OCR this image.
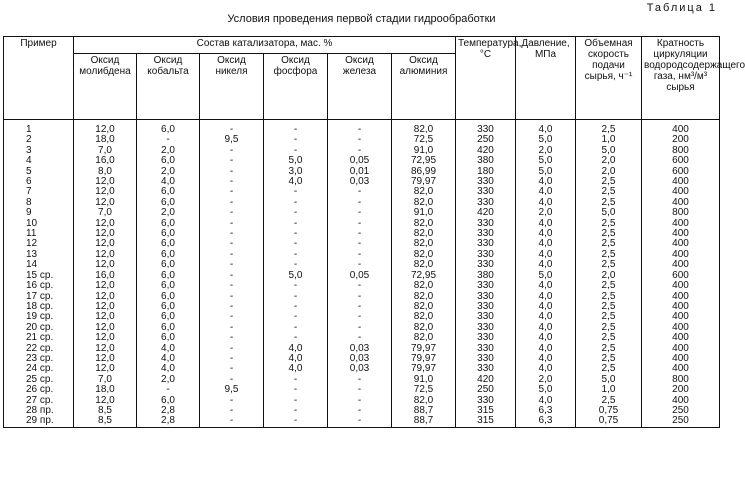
Таблица 1
Условия проведения первой стадии гидрообработки
Пример	Состав катализатора, мас. %						Температура, °С	Давление, МПа	Объемная скорость подачи сырья, ч⁻¹	Кратность циркуляции водородсодержащего газа, нм³/м³ сырья
	Оксид молибдена	Оксид кобальта	Оксид никеля	Оксид фосфора	Оксид железа	Оксид алюминия				

1	12,0	6,0	-	-	-	82,0	330	4,0	2,5	400
2	18,0	-	9,5	-	-	72,5	250	5,0	1,0	200
3	7,0	2,0	-	-	-	91,0	420	2,0	5,0	800
4	16,0	6,0	-	5,0	0,05	72,95	380	5,0	2,0	600
5	8,0	2,0	-	3,0	0,01	86,99	180	5,0	2,0	600
6	12,0	4,0	-	4,0	0,03	79,97	330	4,0	2,5	400
7	12,0	6,0	-	-	-	82,0	330	4,0	2,5	400
8	12,0	6,0	-	-	-	82,0	330	4,0	2,5	400
9	7,0	2,0	-	-	-	91,0	420	2,0	5,0	800
10	12,0	6,0	-	-	-	82,0	330	4,0	2,5	400
11	12,0	6,0	-	-	-	82,0	330	4,0	2,5	400
12	12,0	6,0	-	-	-	82,0	330	4,0	2,5	400
13	12,0	6,0	-	-	-	82,0	330	4,0	2,5	400
14	12,0	6,0	-	-	-	82,0	330	4,0	2,5	400
15 ср.	16,0	6,0	-	5,0	0,05	72,95	380	5,0	2,0	600
16 ср.	12,0	6,0	-	-	-	82,0	330	4,0	2,5	400
17 ср.	12,0	6,0	-	-	-	82,0	330	4,0	2,5	400
18 ср.	12,0	6,0	-	-	-	82,0	330	4,0	2,5	400
19 ср.	12,0	6,0	-	-	-	82,0	330	4,0	2,5	400
20 ср.	12,0	6,0	-	-	-	82,0	330	4,0	2,5	400
21 ср.	12,0	6,0	-	-	-	82,0	330	4,0	2,5	400
22 ср.	12,0	4,0	-	4,0	0,03	79,97	330	4,0	2,5	400
23 ср.	12,0	4,0	-	4,0	0,03	79,97	330	4,0	2,5	400
24 ср.	12,0	4,0	-	4,0	0,03	79,97	330	4,0	2,5	400
25 ср.	7,0	2,0	-	-	-	91,0	420	2,0	5,0	800
26 ср.	18,0	-	9,5	-	-	72,5	250	5,0	1,0	200
27 ср.	12,0	6,0	-	-	-	82,0	330	4,0	2,5	400
28 пр.	8,5	2,8	-	-	-	88,7	315	6,3	0,75	250
29 пр.	8,5	2,8	-	-	-	88,7	315	6,3	0,75	250
